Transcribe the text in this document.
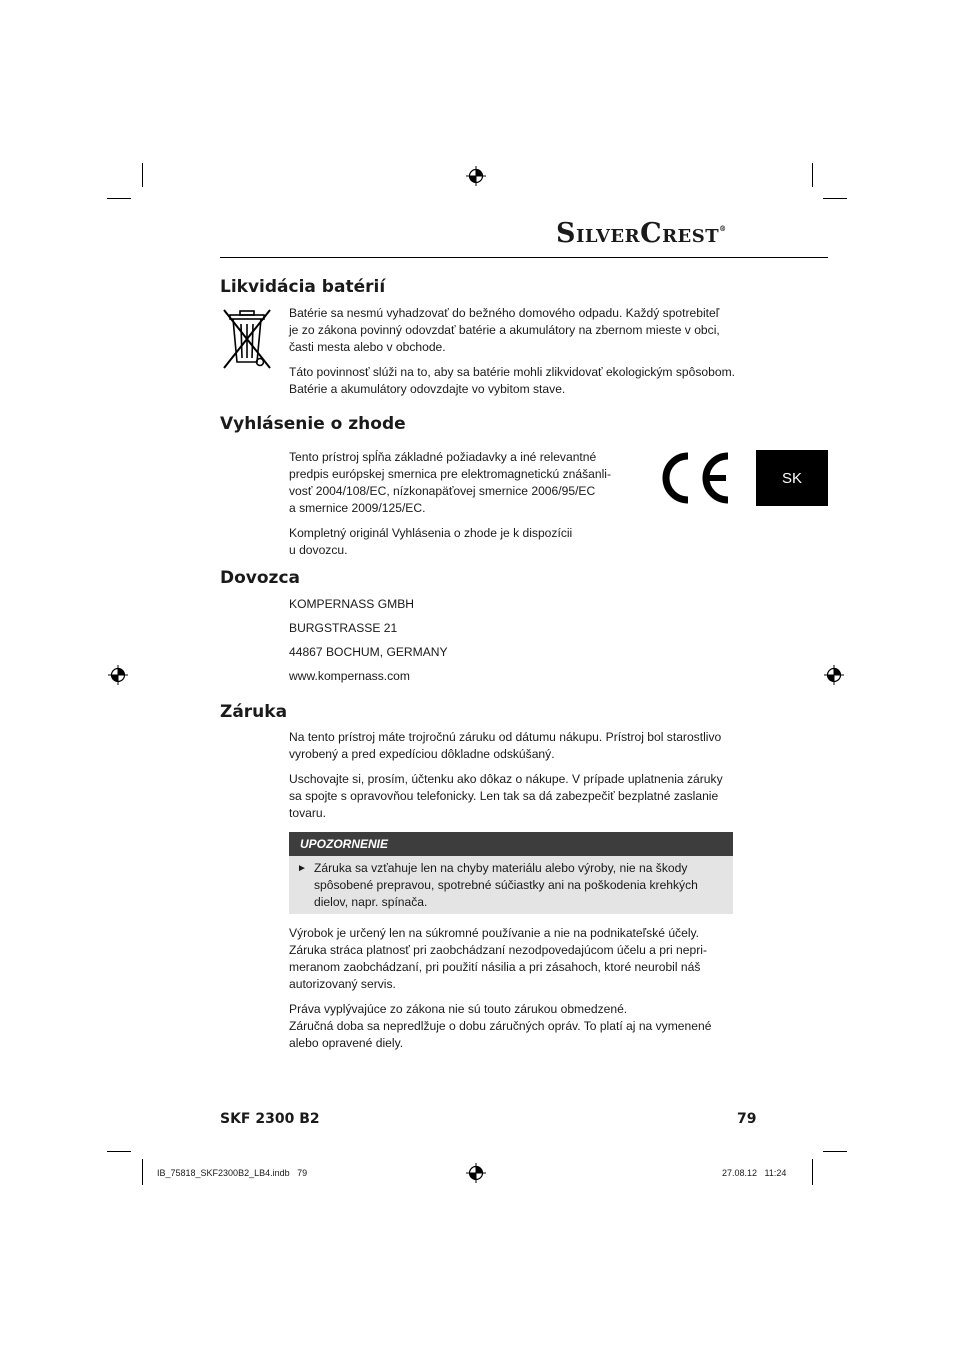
SILVERCREST®
Likvidácia batérií
Batérie sa nesmú vyhadzovať do bežného domového odpadu. Každý spotrebiteľ
je zo zákona povinný odovzdať batérie a akumulátory na zbernom mieste v obci,
časti mesta alebo v obchode.
Táto povinnosť slúži na to, aby sa batérie mohli zlikvidovať ekologickým spôsobom.
Batérie a akumulátory odovzdajte vo vybitom stave.
Vyhlásenie o zhode
Tento prístroj spĺňa základné požiadavky a iné relevantné
predpis európskej smernica pre elektromagnetickú znášanli-
vosť 2004/108/EC, nízkonapäťovej smernice 2006/95/EC
a smernice 2009/125/EC.
Kompletný originál Vyhlásenia o zhode je k dispozícii
u dovozcu.
SK
Dovozca
KOMPERNASS GMBH
BURGSTRASSE 21
44867 BOCHUM, GERMANY
www.kompernass.com
Záruka
Na tento prístroj máte trojročnú záruku od dátumu nákupu. Prístroj bol starostlivo
vyrobený a pred expedíciou dôkladne odskúšaný.
Uschovajte si, prosím, účtenku ako dôkaz o nákupe. V prípade uplatnenia záruky
sa spojte s opravovňou telefonicky. Len tak sa dá zabezpečiť bezplatné zaslanie
tovaru.
UPOZORNENIE
► Záruka sa vzťahuje len na chyby materiálu alebo výroby, nie na škody
spôsobené prepravou, spotrebné súčiastky ani na poškodenia krehkých
dielov, napr. spínača.
Výrobok je určený len na súkromné používanie a nie na podnikateľské účely.
Záruka stráca platnosť pri zaobchádzaní nezodpovedajúcom účelu a pri nepri-
meranom zaobchádzaní, pri použití násilia a pri zásahoch, ktoré neurobil náš
autorizovaný servis.
Práva vyplývajúce zo zákona nie sú touto zárukou obmedzené.
Záručná doba sa nepredlžuje o dobu záručných opráv. To platí aj na vymenené
alebo opravené diely.
SKF 2300 B2	79
IB_75818_SKF2300B2_LB4.indb   79	27.08.12   11:24
